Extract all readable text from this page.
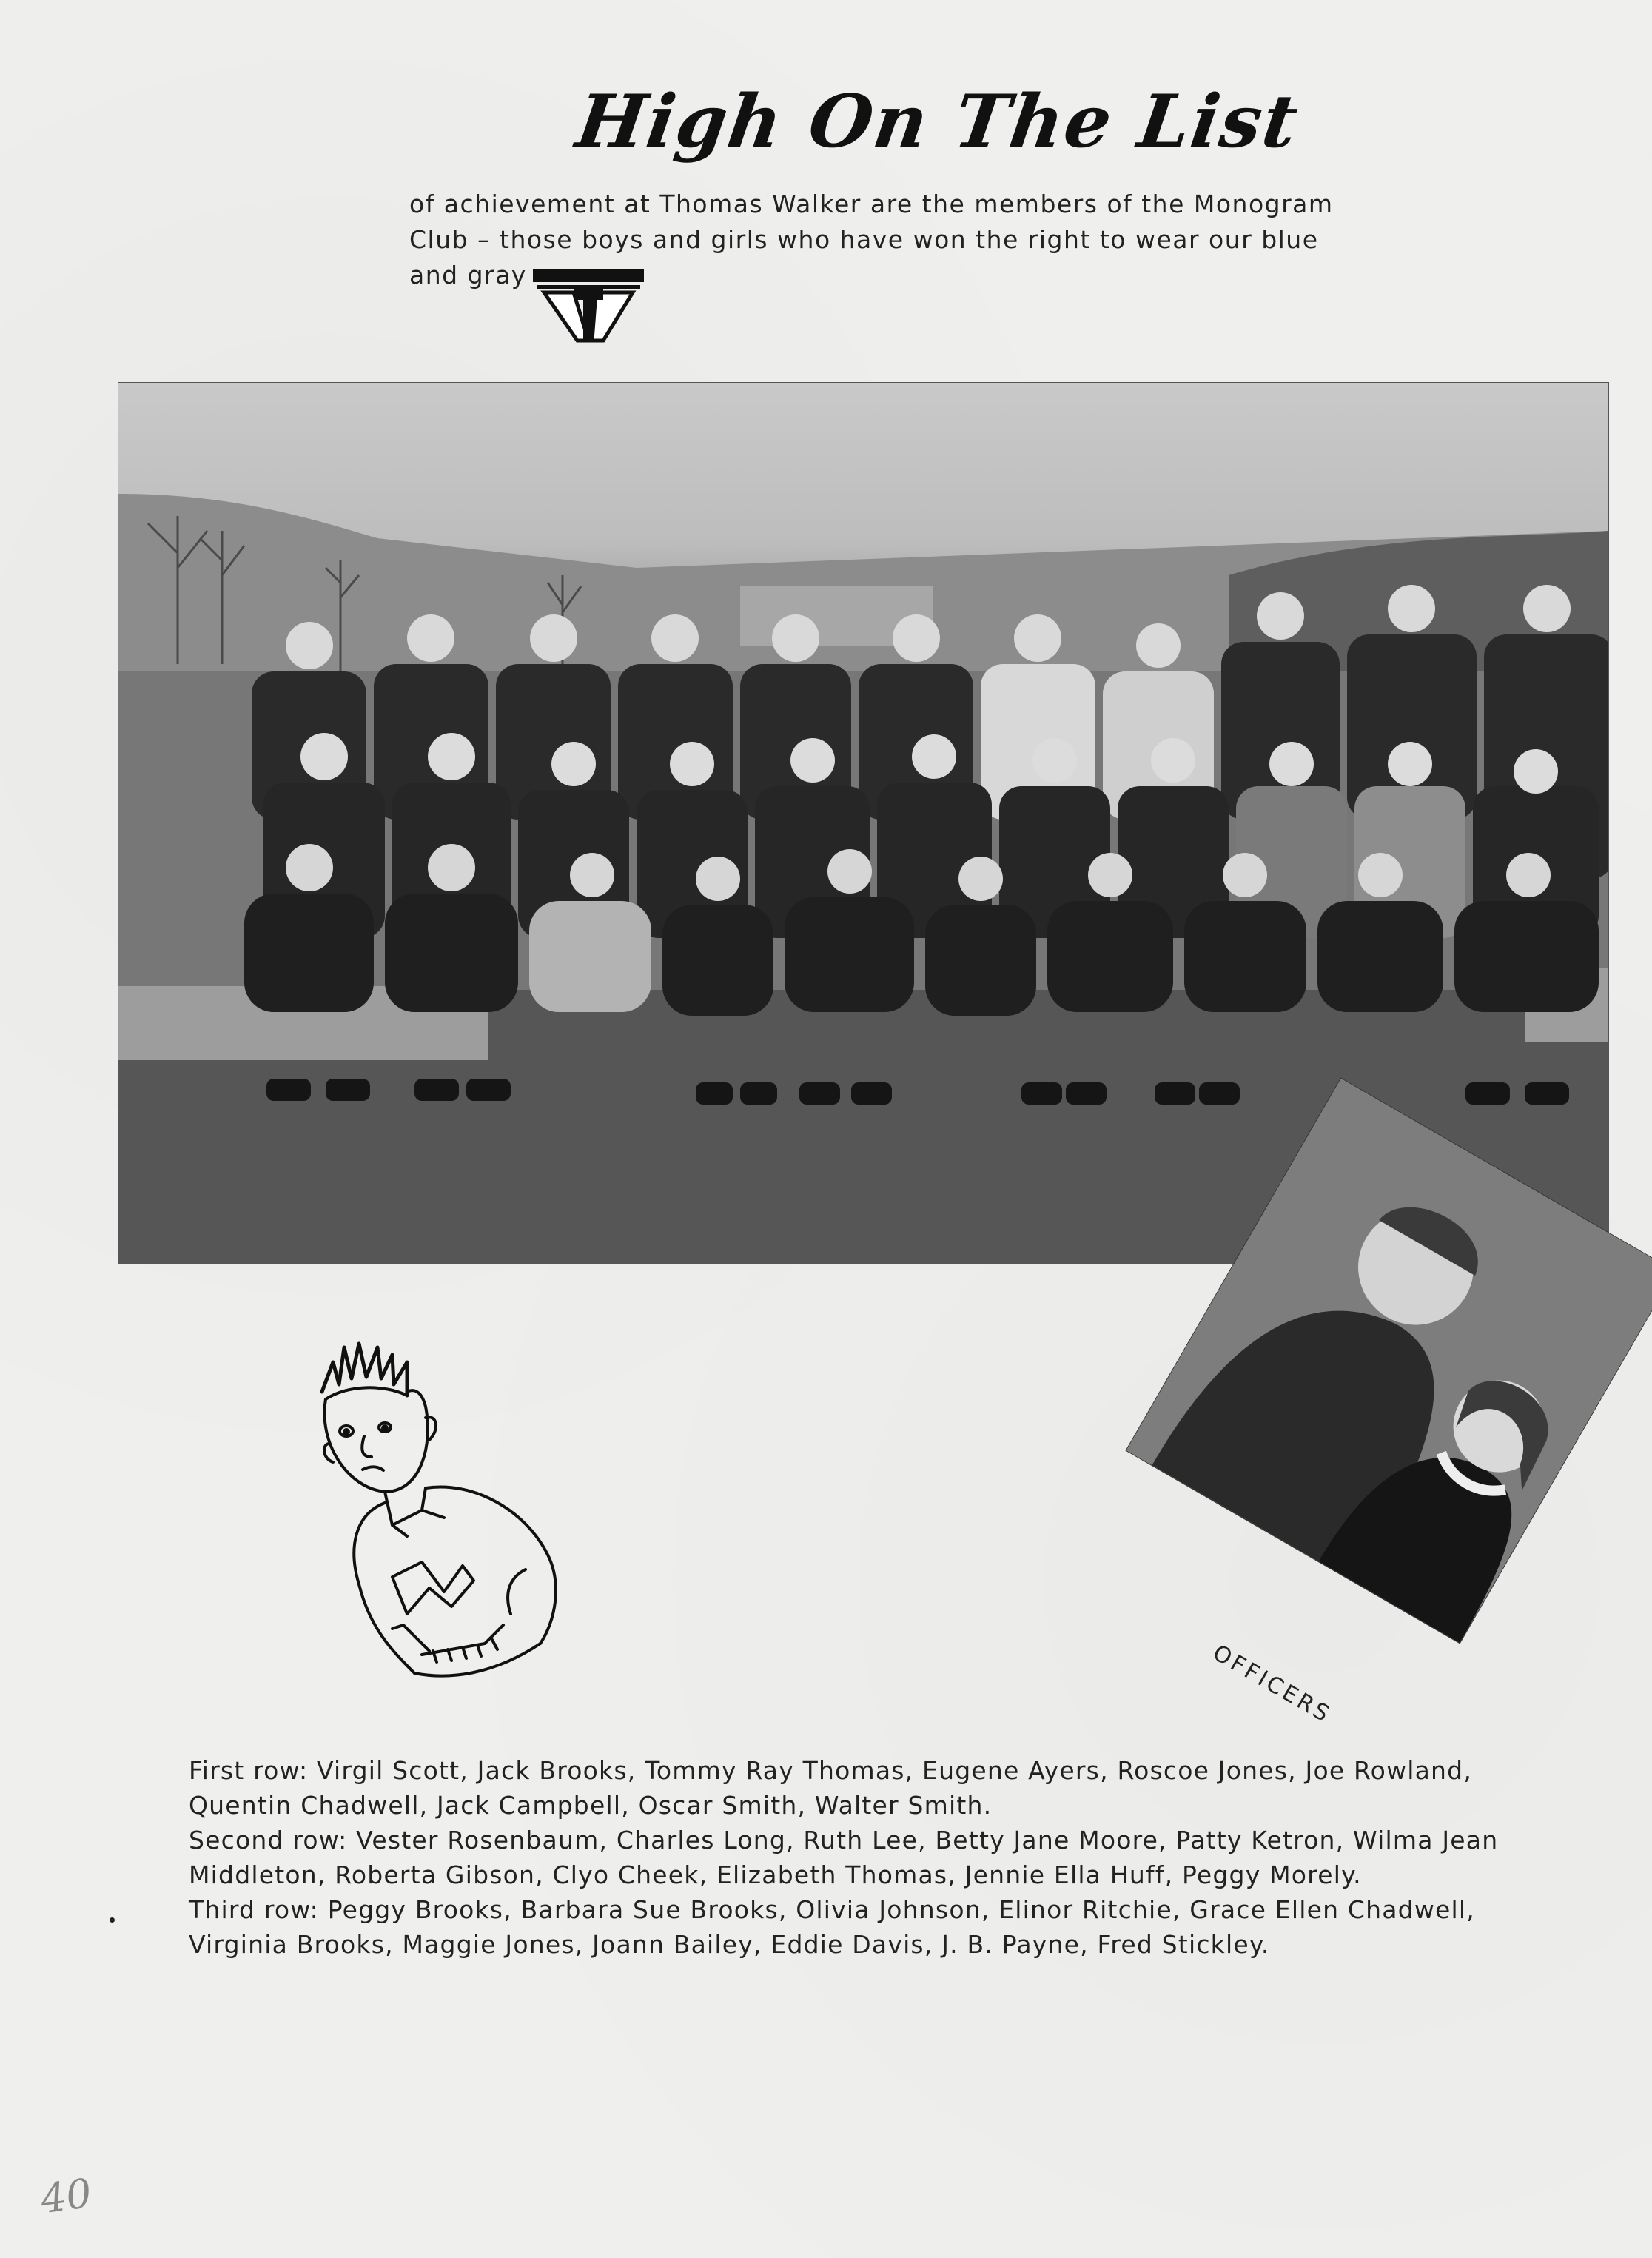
High On The List
of achievement at Thomas Walker are the members of the Monogram
Club – those boys and girls who have won the right to wear our blue
and gray	TW
OFFICERS
TW
First row: Virgil Scott, Jack Brooks, Tommy Ray Thomas, Eugene Ayers, Roscoe Jones, Joe Rowland,
Quentin Chadwell, Jack Campbell, Oscar Smith, Walter Smith.
Second row: Vester Rosenbaum, Charles Long, Ruth Lee, Betty Jane Moore, Patty Ketron, Wilma Jean
Middleton, Roberta Gibson, Clyo Cheek, Elizabeth Thomas, Jennie Ella Huff, Peggy Morely.
Third row: Peggy Brooks, Barbara Sue Brooks, Olivia Johnson, Elinor Ritchie, Grace Ellen Chadwell,
Virginia Brooks, Maggie Jones, Joann Bailey, Eddie Davis, J. B. Payne, Fred Stickley.
40
